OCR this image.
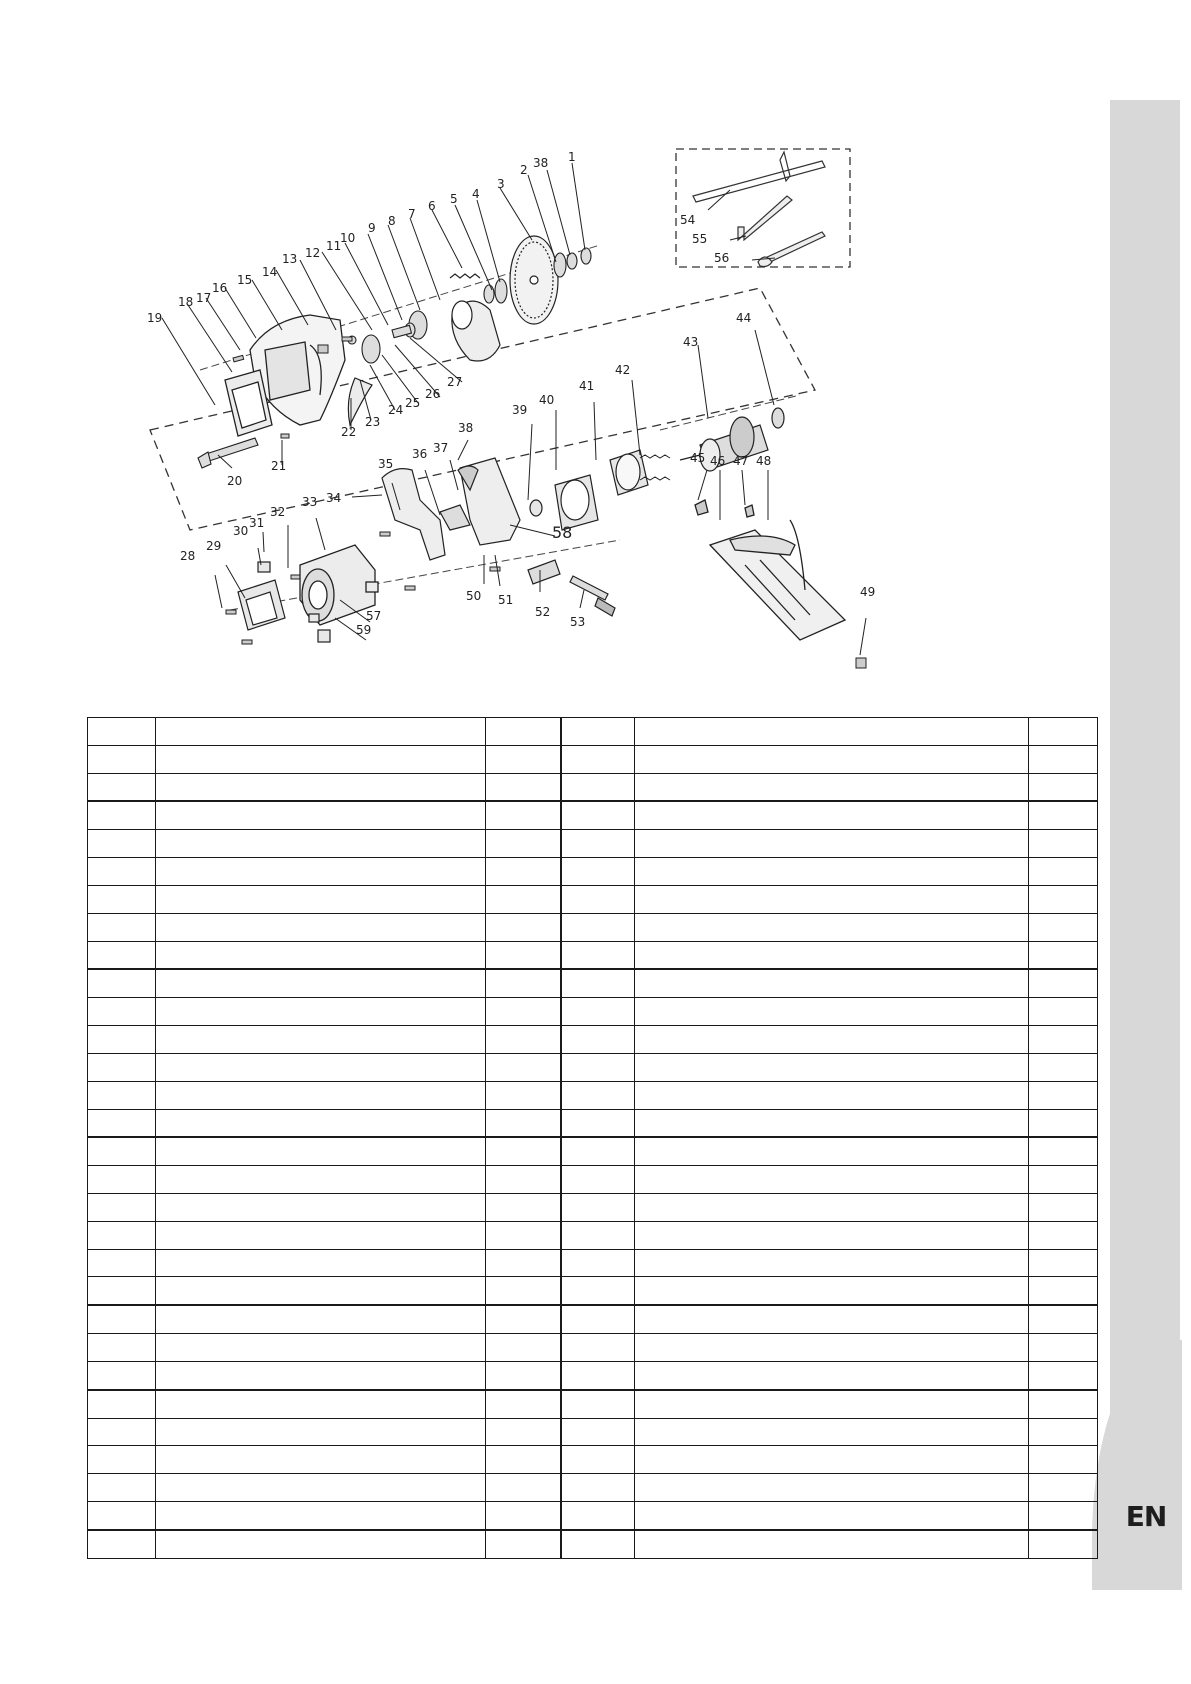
EN
1
2 38
3
4
5
6
7
8
9
10
11
12
13
14
15
16
17
18
19
20
21
22
23
24 25
26
27
28
29
30
31
32
33 34
35
36 37
38
39
40
41
42
43
44
45 46 47 48
49
50 51
52
53
54
55
56
57
58
59
